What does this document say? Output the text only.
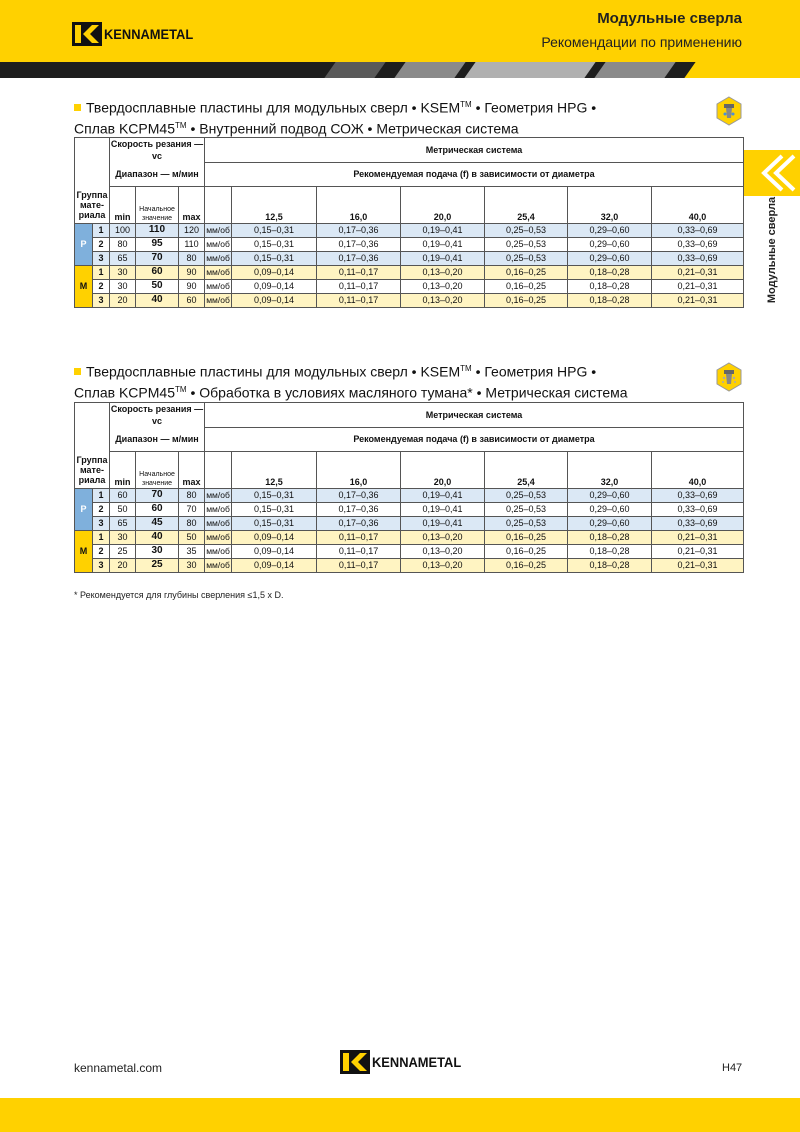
KENNAMETAL
Модульные сверла
Рекомендации по применению
Модульные сверла
Твердосплавные пластины для модульных сверл • KSEM™ • Геометрия HPG •
Сплав KCPM45™ • Внутренний подвод СОЖ • Метрическая система
		Скорость резания — vc			Метрическая система						
		Диапазон — м/мин			Рекомендуемая подача (f) в зависимости от диаметра						
Группа мате- риала		min	Начальное значение	max		12,5	16,0	20,0	25,4	32,0	40,0
P	1	100	110	120	мм/об	0,15–0,31	0,17–0,36	0,19–0,41	0,25–0,53	0,29–0,60	0,33–0,69
	2	80	95	110	мм/об	0,15–0,31	0,17–0,36	0,19–0,41	0,25–0,53	0,29–0,60	0,33–0,69
	3	65	70	80	мм/об	0,15–0,31	0,17–0,36	0,19–0,41	0,25–0,53	0,29–0,60	0,33–0,69
M	1	30	60	90	мм/об	0,09–0,14	0,11–0,17	0,13–0,20	0,16–0,25	0,18–0,28	0,21–0,31
	2	30	50	90	мм/об	0,09–0,14	0,11–0,17	0,13–0,20	0,16–0,25	0,18–0,28	0,21–0,31
	3	20	40	60	мм/об	0,09–0,14	0,11–0,17	0,13–0,20	0,16–0,25	0,18–0,28	0,21–0,31
Твердосплавные пластины для модульных сверл • KSEM™ • Геометрия HPG •
Сплав KCPM45™ • Обработка в условиях масляного тумана* • Метрическая система
		Скорость резания — vc			Метрическая система						
		Диапазон — м/мин			Рекомендуемая подача (f) в зависимости от диаметра						
Группа мате- риала		min	Начальное значение	max		12,5	16,0	20,0	25,4	32,0	40,0
P	1	60	70	80	мм/об	0,15–0,31	0,17–0,36	0,19–0,41	0,25–0,53	0,29–0,60	0,33–0,69
	2	50	60	70	мм/об	0,15–0,31	0,17–0,36	0,19–0,41	0,25–0,53	0,29–0,60	0,33–0,69
	3	65	45	80	мм/об	0,15–0,31	0,17–0,36	0,19–0,41	0,25–0,53	0,29–0,60	0,33–0,69
M	1	30	40	50	мм/об	0,09–0,14	0,11–0,17	0,13–0,20	0,16–0,25	0,18–0,28	0,21–0,31
	2	25	30	35	мм/об	0,09–0,14	0,11–0,17	0,13–0,20	0,16–0,25	0,18–0,28	0,21–0,31
	3	20	25	30	мм/об	0,09–0,14	0,11–0,17	0,13–0,20	0,16–0,25	0,18–0,28	0,21–0,31
* Рекомендуется для глубины сверления ≤1,5 x D.
kennametal.com	KENNAMETAL	H47
